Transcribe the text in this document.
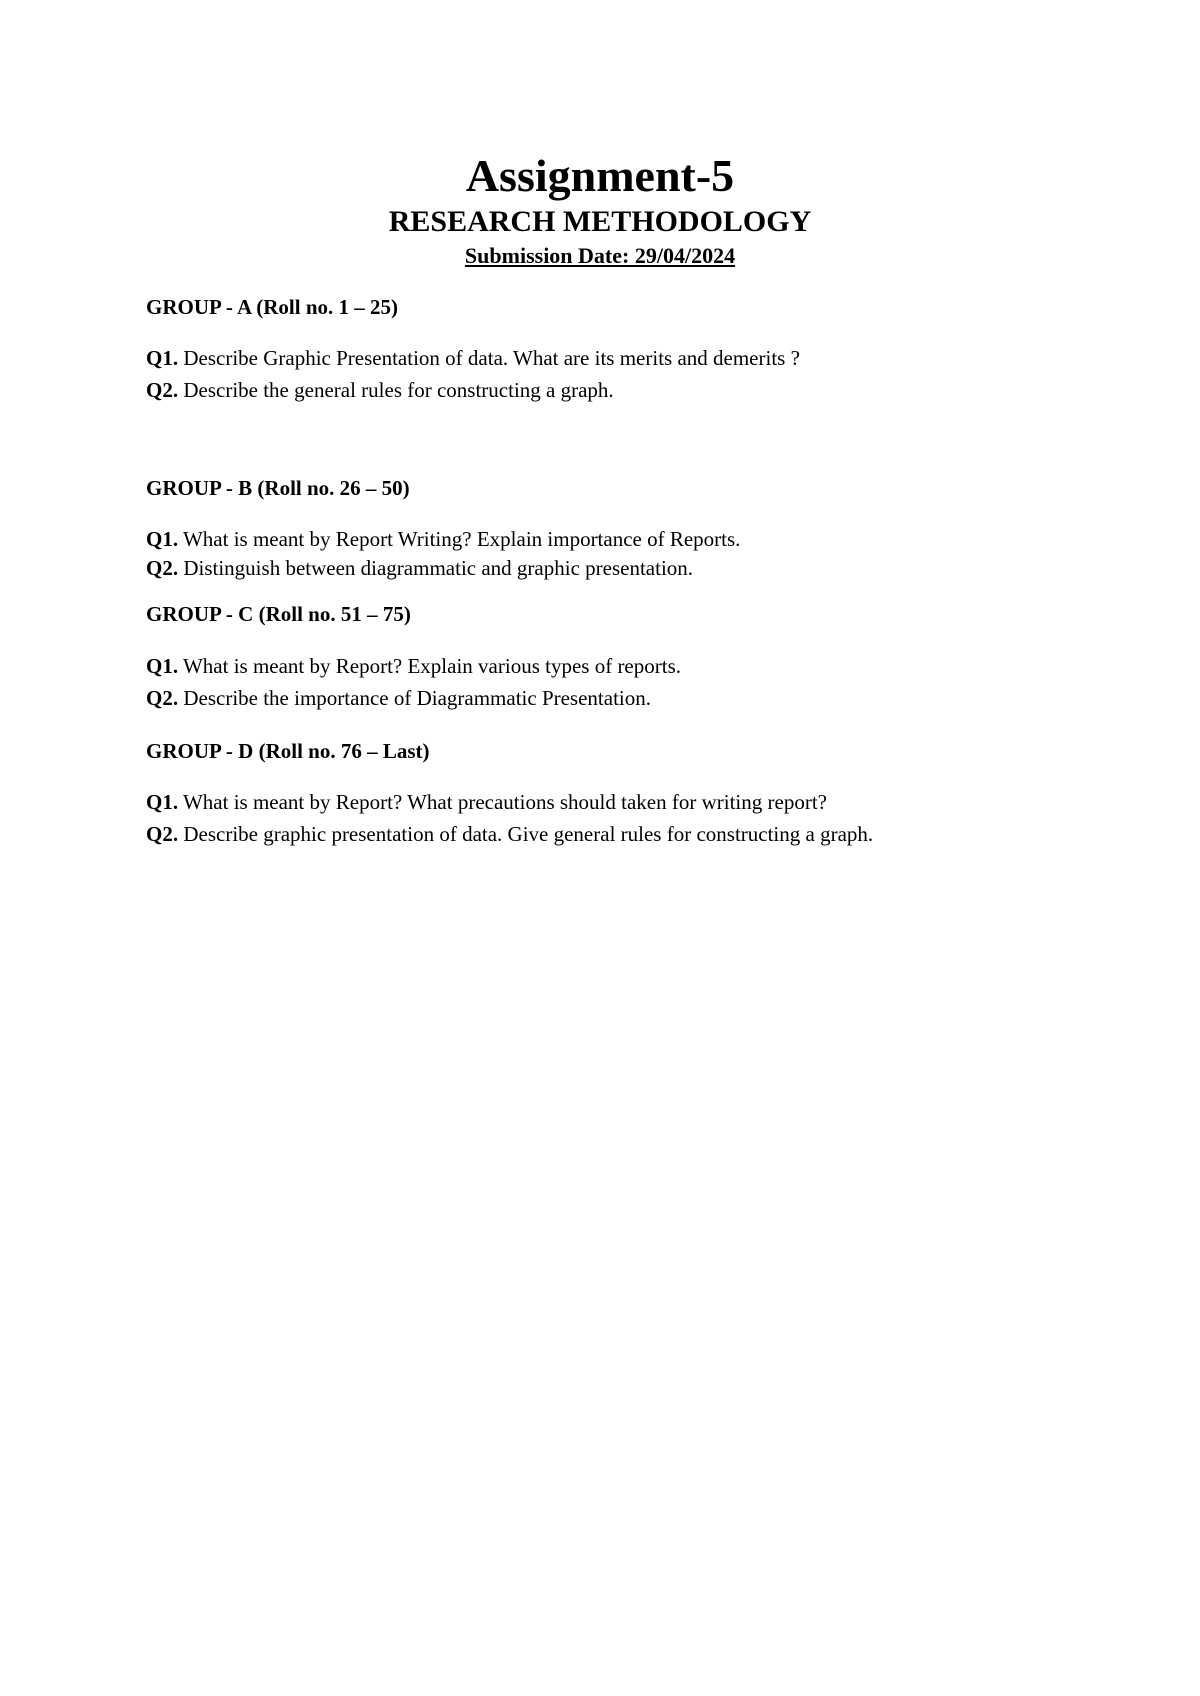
Assignment-5
RESEARCH METHODOLOGY
Submission Date: 29/04/2024
GROUP - A (Roll no. 1 – 25)
Q1. Describe Graphic Presentation of data. What are its merits and demerits ?
Q2. Describe the general rules for constructing a graph.
GROUP - B (Roll no. 26 – 50)
Q1. What is meant by Report Writing? Explain importance of Reports.
Q2. Distinguish between diagrammatic and graphic presentation.
GROUP - C (Roll no. 51 – 75)
Q1. What is meant by Report? Explain various types of reports.
Q2. Describe the importance of Diagrammatic Presentation.
GROUP - D (Roll no. 76 – Last)
Q1. What is meant by Report? What precautions should taken for writing report?
Q2. Describe graphic presentation of data. Give general rules for constructing a graph.
